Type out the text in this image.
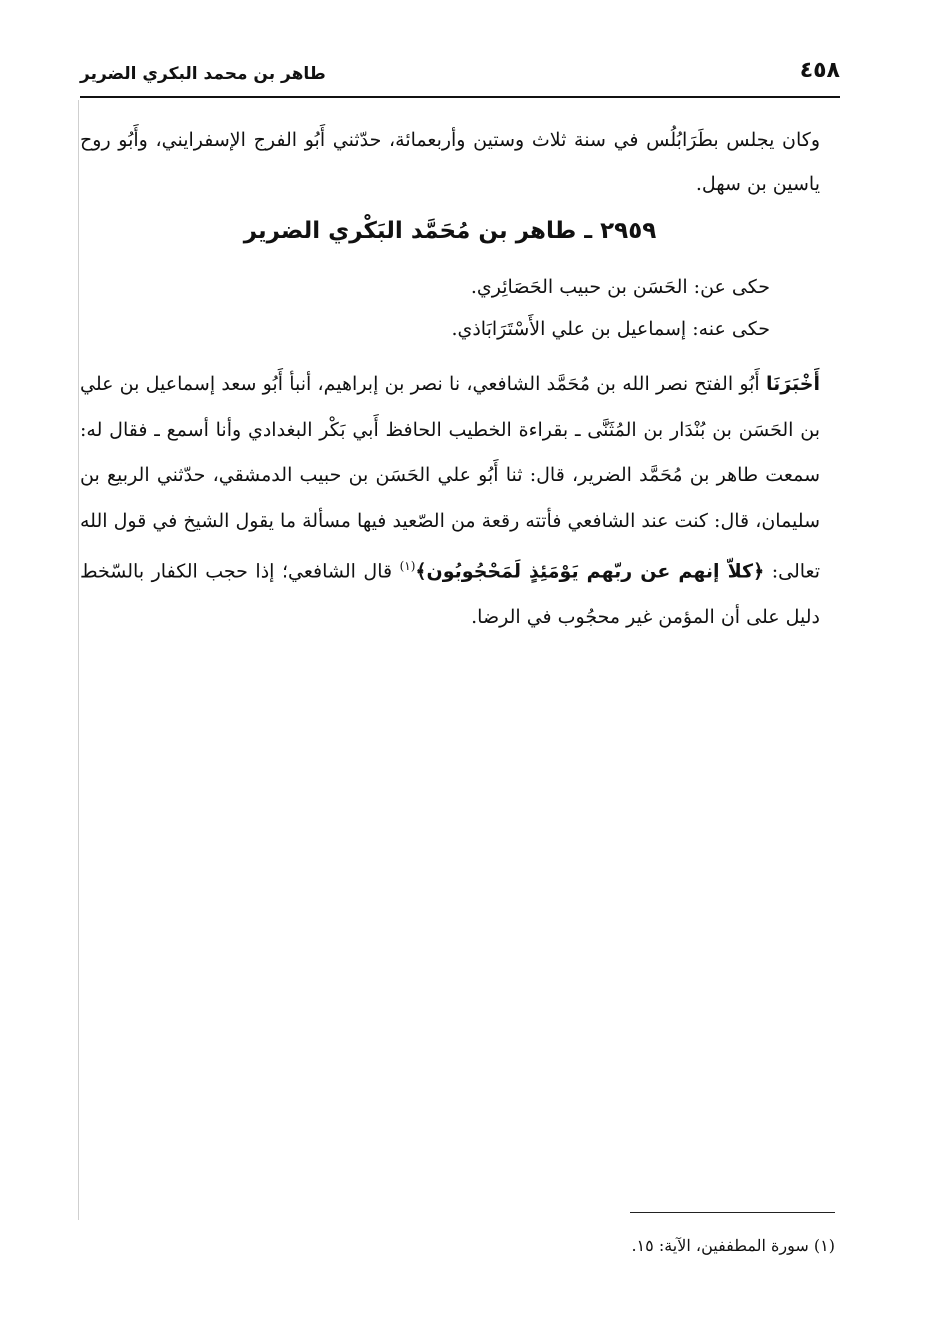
٤٥٨
طاهر بن محمد البكري الضرير

وكان يجلس بطَرَابُلُس في سنة ثلاث وستين وأربعمائة، حدّثني أَبُو الفرج الإسفرايني، وأَبُو روح ياسين بن سهل.

٢٩٥٩ ـ طاهر بن مُحَمَّد البَكْري الضرير

حكى عن: الحَسَن بن حبيب الحَصَائِري.

حكى عنه: إسماعيل بن علي الأَسْتَرَابَاذي.

أَخْبَرَنَا أَبُو الفتح نصر الله بن مُحَمَّد الشافعي، نا نصر بن إبراهيم، أنبأ أَبُو سعد إسماعيل بن علي بن الحَسَن بن بُنْدَار بن المُثَنَّى ـ بقراءة الخطيب الحافظ أَبي بَكْر البغدادي وأنا أسمع ـ فقال له: سمعت طاهر بن مُحَمَّد الضرير، قال: ثنا أَبُو علي الحَسَن بن حبيب الدمشقي، حدّثني الربيع بن سليمان، قال: كنت عند الشافعي فأتته رقعة من الصّعيد فيها مسألة ما يقول الشيخ في قول الله تعالى: ﴿كلاّ إنهم عن ربّهم يَوْمَئِذٍ لَمَحْجُوبُون﴾$^{(١)}$ قال الشافعي؛ إذا حجب الكفار بالسّخط دليل على أن المؤمن غير محجُوب في الرضا.

(١) سورة المطففين، الآية: ١٥.
